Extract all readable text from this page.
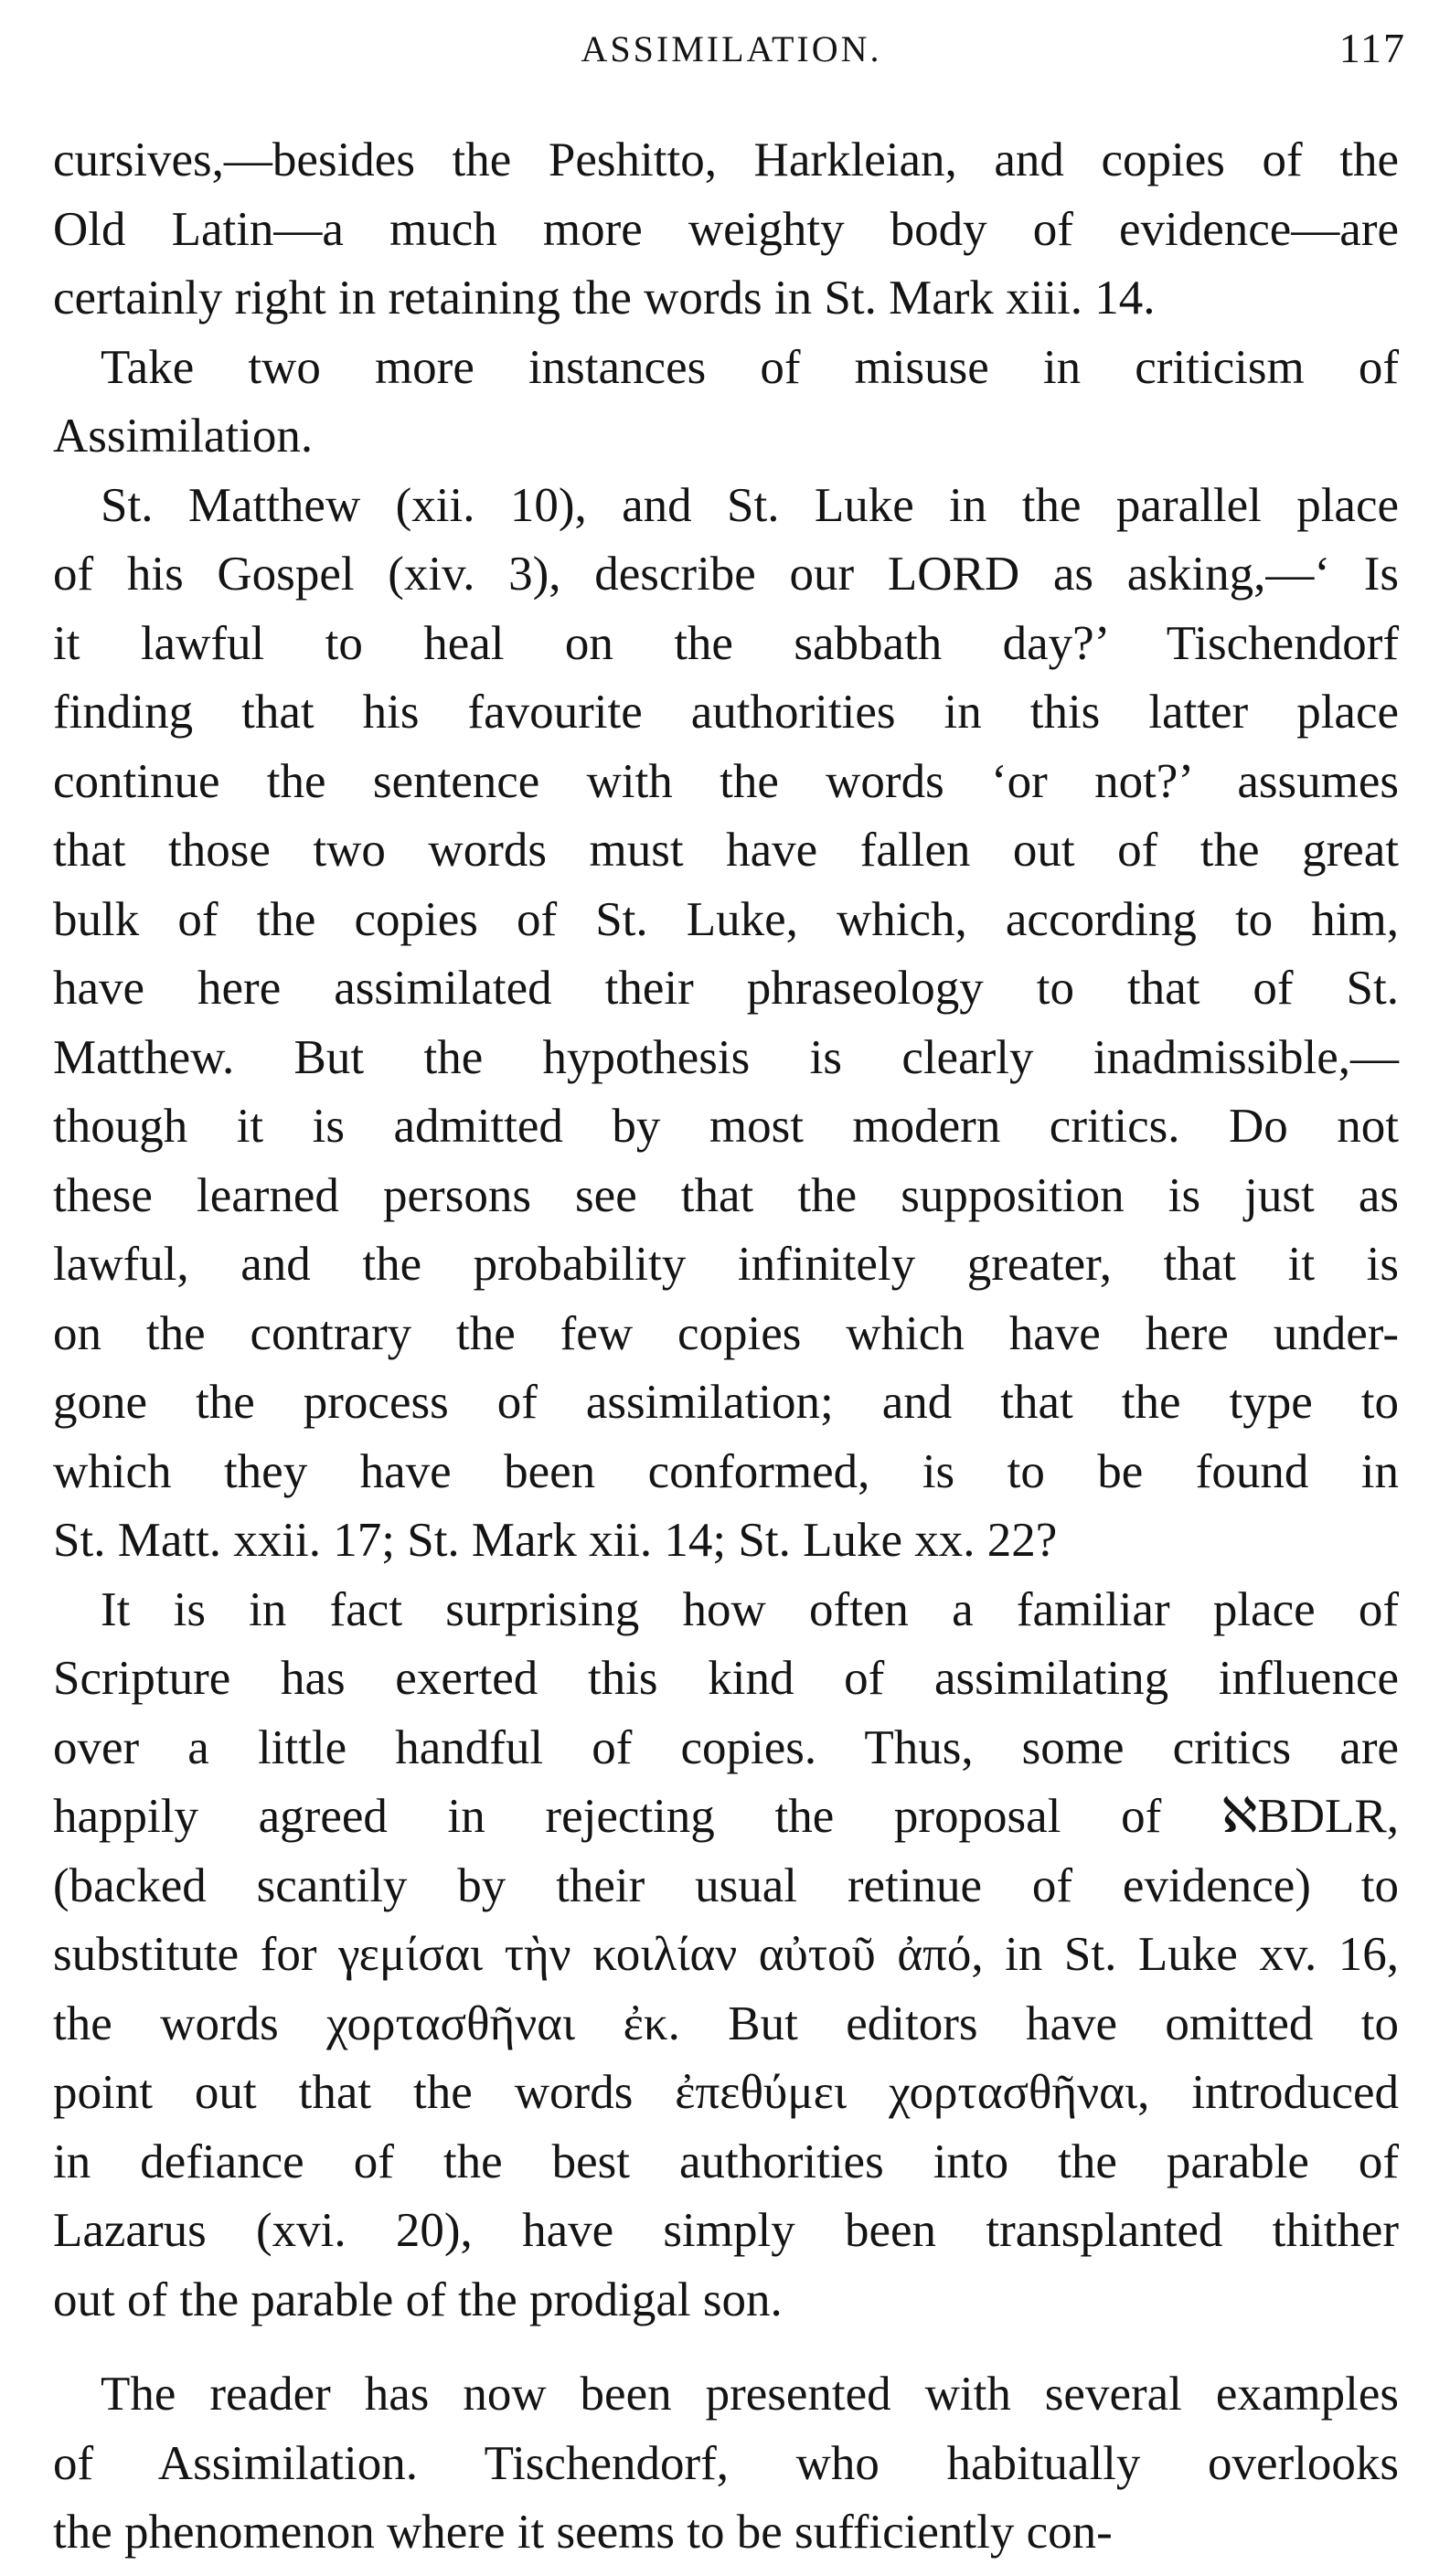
ASSIMILATION.	117
cursives,—besides the Peshitto, Harkleian, and copies of the
Old Latin—a much more weighty body of evidence—are
certainly right in retaining the words in St. Mark xiii. 14.
Take two more instances of misuse in criticism of
Assimilation.
St. Matthew (xii. 10), and St. Luke in the parallel place
of his Gospel (xiv. 3), describe our LORD as asking,—‘ Is
it lawful to heal on the sabbath day?’ Tischendorf
finding that his favourite authorities in this latter place
continue the sentence with the words ‘or not?’ assumes
that those two words must have fallen out of the great
bulk of the copies of St. Luke, which, according to him,
have here assimilated their phraseology to that of St.
Matthew. But the hypothesis is clearly inadmissible,—
though it is admitted by most modern critics. Do not
these learned persons see that the supposition is just as
lawful, and the probability infinitely greater, that it is
on the contrary the few copies which have here under-
gone the process of assimilation; and that the type to
which they have been conformed, is to be found in
St. Matt. xxii. 17; St. Mark xii. 14; St. Luke xx. 22?
It is in fact surprising how often a familiar place of
Scripture has exerted this kind of assimilating influence
over a little handful of copies. Thus, some critics are
happily agreed in rejecting the proposal of ℵBDLR,
(backed scantily by their usual retinue of evidence) to
substitute for γεμίσαι τὴν κοιλίαν αὐτοῦ ἀπό, in St. Luke xv. 16,
the words χορτασθῆναι ἐκ. But editors have omitted to
point out that the words ἐπεθύμει χορτασθῆναι, introduced
in defiance of the best authorities into the parable of
Lazarus (xvi. 20), have simply been transplanted thither
out of the parable of the prodigal son.
The reader has now been presented with several examples
of Assimilation. Tischendorf, who habitually overlooks
the phenomenon where it seems to be sufficiently con-
